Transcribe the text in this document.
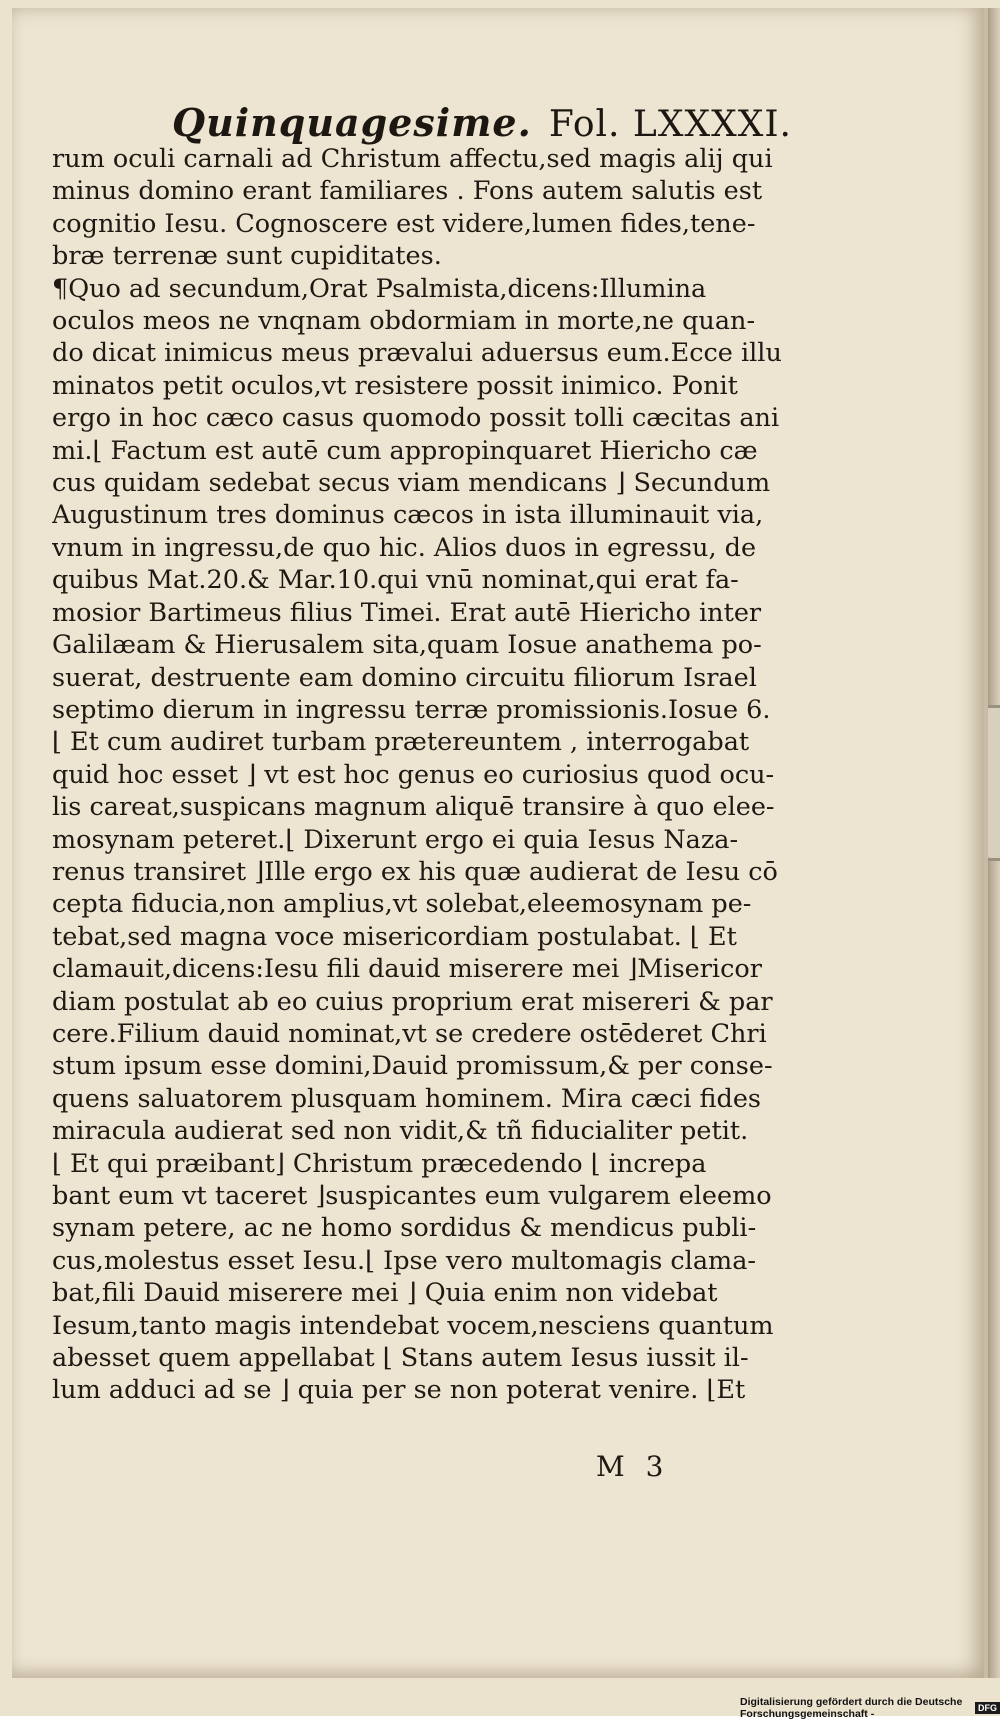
Quinquagesime. Fol. LXXXXI.
rum oculi carnali ad Christum affectu,sed magis alij qui
minus domino erant familiares . Fons autem salutis est
cognitio Iesu. Cognoscere est videre,lumen fides,tene-
bræ terrenæ sunt cupiditates.
¶Quo ad secundum,Orat Psalmista,dicens:Illumina
oculos meos ne vnqnam obdormiam in morte,ne quan-
do dicat inimicus meus prævalui aduersus eum.Ecce illu
minatos petit oculos,vt resistere possit inimico. Ponit
ergo in hoc cæco casus quomodo possit tolli cæcitas ani
mi.⌊ Factum est autē cum appropinquaret Hiericho cæ
cus quidam sedebat secus viam mendicans ⌋ Secundum
Augustinum tres dominus cæcos in ista illuminauit via,
vnum in ingressu,de quo hic. Alios duos in egressu, de
quibus Mat.20.& Mar.10.qui vnū nominat,qui erat fa-
mosior Bartimeus filius Timei. Erat autē Hiericho inter
Galilæam & Hierusalem sita,quam Iosue anathema po-
suerat, destruente eam domino circuitu filiorum Israel
septimo dierum in ingressu terræ promissionis.Iosue 6.
⌊ Et cum audiret turbam prætereuntem , interrogabat
quid hoc esset ⌋ vt est hoc genus eo curiosius quod ocu-
lis careat,suspicans magnum aliquē transire à quo elee-
mosynam peteret.⌊ Dixerunt ergo ei quia Iesus Naza-
renus transiret ⌋Ille ergo ex his quæ audierat de Iesu cō
cepta fiducia,non amplius,vt solebat,eleemosynam pe-
tebat,sed magna voce misericordiam postulabat. ⌊ Et
clamauit,dicens:Iesu fili dauid miserere mei ⌋Misericor
diam postulat ab eo cuius proprium erat misereri & par
cere.Filium dauid nominat,vt se credere ostēderet Chri
stum ipsum esse domini,Dauid promissum,& per conse-
quens saluatorem plusquam hominem. Mira cæci fides
miracula audierat sed non vidit,& tñ fiducialiter petit.
⌊ Et qui præibant⌋ Christum præcedendo ⌊ increpa
bant eum vt taceret ⌋suspicantes eum vulgarem eleemo
synam petere, ac ne homo sordidus & mendicus publi-
cus,molestus esset Iesu.⌊ Ipse vero multomagis clama-
bat,fili Dauid miserere mei ⌋ Quia enim non videbat
Iesum,tanto magis intendebat vocem,nesciens quantum
abesset quem appellabat ⌊ Stans autem Iesus iussit il-
lum adduci ad se ⌋ quia per se non poterat venire. ⌊Et
M 3
Digitalisierung gefördert durch die Deutsche Forschungsgemeinschaft -	DFG
